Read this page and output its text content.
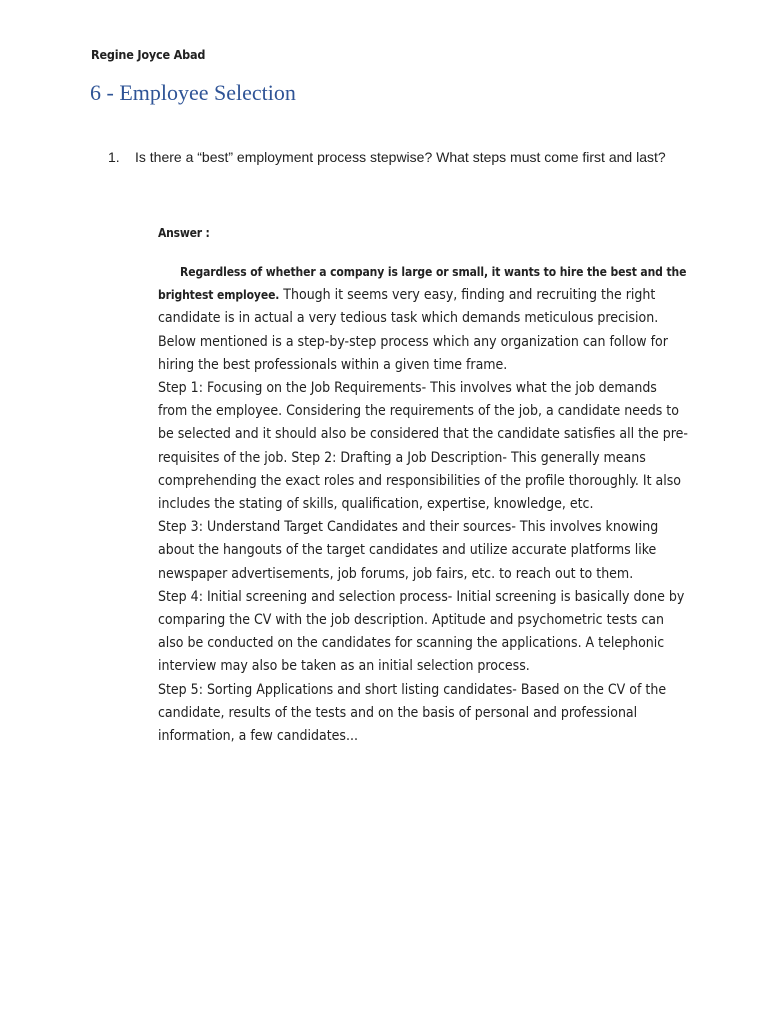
Regine Joyce Abad
6 - Employee Selection
1.	Is there a “best” employment process stepwise? What steps must come first and last?
Answer :

Regardless of whether a company is large or small, it wants to hire the best and the brightest employee. Though it seems very easy, finding and recruiting the right candidate is in actual a very tedious task which demands meticulous precision. Below mentioned is a step-by-step process which any organization can follow for hiring the best professionals within a given time frame.

Step 1: Focusing on the Job Requirements- This involves what the job demands from the employee. Considering the requirements of the job, a candidate needs to be selected and it should also be considered that the candidate satisfies all the pre-requisites of the job. Step 2: Drafting a Job Description- This generally means comprehending the exact roles and responsibilities of the profile thoroughly. It also includes the stating of skills, qualification, expertise, knowledge, etc.

Step 3: Understand Target Candidates and their sources- This involves knowing about the hangouts of the target candidates and utilize accurate platforms like newspaper advertisements, job forums, job fairs, etc. to reach out to them.

Step 4: Initial screening and selection process- Initial screening is basically done by comparing the CV with the job description. Aptitude and psychometric tests can also be conducted on the candidates for scanning the applications. A telephonic interview may also be taken as an initial selection process.

Step 5: Sorting Applications and short listing candidates- Based on the CV of the candidate, results of the tests and on the basis of personal and professional information, a few candidates...
